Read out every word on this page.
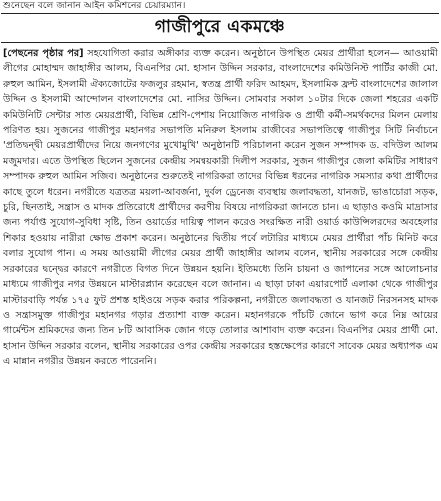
শুনেছেন বলে জানান আইন কমিশনের চেয়ারম্যান।
গাজীপুরে একমঞ্চে

[পেছনের পৃষ্ঠার পর] সহযোগিতা করার অঙ্গীকার ব্যক্ত করেন। অনুষ্ঠানে উপস্থিত মেয়র প্রার্থীরা হলেন— আওয়ামী লীগের মোহাম্মদ জাহাঙ্গীর আলম, বিএনপির মো. হাসান উদ্দিন সরকার, বাংলাদেশের কমিউনিস্ট পার্টির কাজী মো. রুহুল আমিন, ইসলামী ঐক্যজোটের ফজলুর রহমান, স্বতন্ত্র প্রার্থী ফরিদ আহমদ, ইসলামিক ফ্রন্ট বাংলাদেশের জালাল উদ্দিন ও ইসলামী আন্দোলন বাংলাদেশের মো. নাসির উদ্দিন। সোমবার সকাল ১০টার দিকে জেলা শহরের একটি কমিউনিটি সেন্টার সাত মেয়রপ্রার্থী, বিভিন্ন শ্রেণি-পেশায় নিয়োজিত নাগরিক ও প্রার্থী কর্মী-সমর্থকদের মিলন মেলায় পরিণত হয়। সুজনের গাজীপুর মহানগর সভাপতি মনিরুল ইসলাম রাজীবের সভাপতিত্বে গাজীপুর সিটি নির্বাচনে 'প্রতিদ্বন্দ্বী মেয়রপ্রার্থীদের নিয়ে জনগণের মুখোমুখি' অনুষ্ঠানটি পরিচালনা করেন সুজন সম্পাদক ড. বদিউল আলম মজুমদার। এতে উপস্থিত ছিলেন সুজনের কেন্দ্রীয় সমন্বয়কারী দিলীপ সরকার, সুজন গাজীপুর জেলা কমিটির সাধারণ সম্পাদক রুহুল আমিন সজিব। অনুষ্ঠানের শুরুতেই নাগরিকরা তাদের বিভিন্ন ধরনের নাগরিক সমস্যার কথা প্রার্থীদের কাছে তুলে ধরেন। নগরীতে যত্রতত্র ময়লা-আবর্জনা, দুর্বল ড্রেনেজ ব্যবস্থায় জলাবদ্ধতা, যানজট, ভাঙাচোরা সড়ক, চুরি, ছিনতাই, সন্ত্রাস ও মাদক প্রতিরোধে প্রার্থীদের করণীয় বিষয়ে নাগরিকরা জানতে চান। এ ছাড়াও কওমি মাদ্রাসার জন্য পর্যাপ্ত সুযোগ-সুবিধা সৃষ্টি, তিন ওয়ার্ডের দায়িত্ব পালন করেও সংরক্ষিত নারী ওয়ার্ড কাউন্সিলরদের অবহেলার শিকার হওয়ায় নারীরা ক্ষোভ প্রকাশ করেন। অনুষ্ঠানের দ্বিতীয় পর্বে লটারির মাধ্যমে মেয়র প্রার্থীরা পাঁচ মিনিট করে বলার সুযোগ পান। এ সময় আওয়ামী লীগের মেয়র প্রার্থী জাহাঙ্গীর আলম বলেন, স্থানীয় সরকারের সঙ্গে কেন্দ্রীয় সরকারের দ্বন্দ্বের কারণে নগরীতে বিগত দিনে উন্নয়ন হয়নি। ইতিমধ্যে তিনি চায়না ও জাপানের সঙ্গে আলোচনার মাধ্যমে গাজীপুর নগর উন্নয়নে মাস্টারপ্ল্যান করেছেন বলে জানান। এ ছাড়া ঢাকা এয়ারপোর্ট এলাকা থেকে গাজীপুর মাস্টারবাড়ি পর্যন্ত ১৭৫ ফুট প্রশস্ত হাইওয়ে সড়ক করার পরিকল্পনা, নগরীতে জলাবদ্ধতা ও যানজট নিরসনসহ মাদক ও সন্ত্রাসমুক্ত গাজীপুর মহানগর গড়ার প্রত্যাশা ব্যক্ত করেন। মহানগরকে পাঁচটি জোনে ভাগ করে নিম্ন আয়ের গার্মেন্টস শ্রমিকদের জন্য তিন ৮টি আবাসিক জোন গড়ে তোলার আশাবাদ ব্যক্ত করেন। বিএনপির মেয়র প্রার্থী মো. হাসান উদ্দিন সরকার বলেন, স্থানীয় সরকারের ওপর কেন্দ্রীয় সরকারের হস্তক্ষেপের কারণে সাবেক মেয়র অধ্যাপক এম এ মান্নান নগরীর উন্নয়ন করতে পারেননি।
